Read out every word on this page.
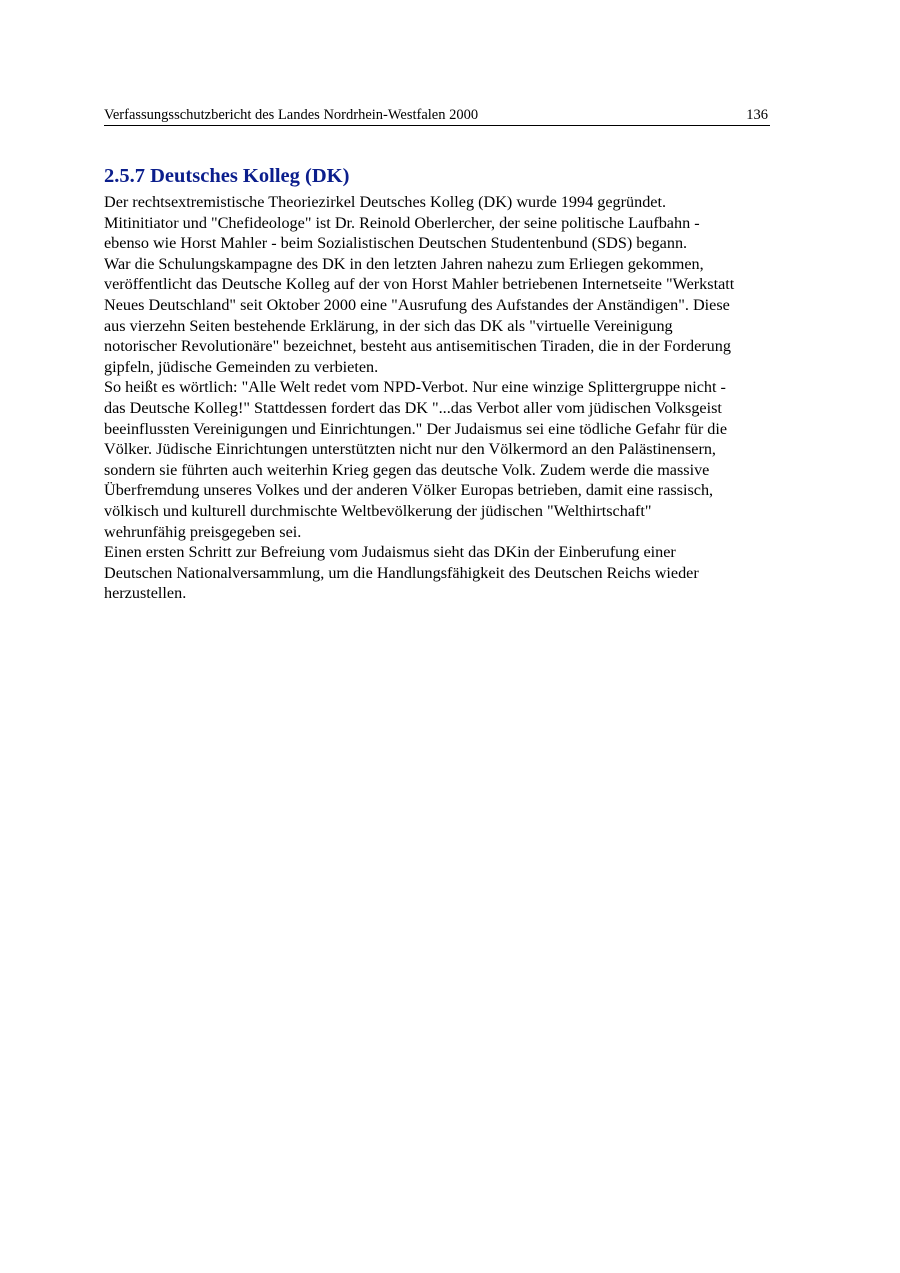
Verfassungsschutzbericht des Landes Nordrhein-Westfalen 2000	136
2.5.7 Deutsches Kolleg (DK)
Der rechtsextremistische Theoriezirkel Deutsches Kolleg (DK) wurde 1994 gegründet.
Mitinitiator und "Chefideologe" ist Dr. Reinold Oberlercher, der seine politische Laufbahn -
ebenso wie Horst Mahler - beim Sozialistischen Deutschen Studentenbund (SDS) begann.
War die Schulungskampagne des DK in den letzten Jahren nahezu zum Erliegen gekommen,
veröffentlicht das Deutsche Kolleg auf der von Horst Mahler betriebenen Internetseite "Werkstatt
Neues Deutschland" seit Oktober 2000 eine "Ausrufung des Aufstandes der Anständigen". Diese
aus vierzehn Seiten bestehende Erklärung, in der sich das DK als "virtuelle Vereinigung
notorischer Revolutionäre" bezeichnet, besteht aus antisemitischen Tiraden, die in der Forderung
gipfeln, jüdische Gemeinden zu verbieten.
So heißt es wörtlich: "Alle Welt redet vom NPD-Verbot. Nur eine winzige Splittergruppe nicht -
das Deutsche Kolleg!" Stattdessen fordert das DK "...das Verbot aller vom jüdischen Volksgeist
beeinflussten Vereinigungen und Einrichtungen." Der Judaismus sei eine tödliche Gefahr für die
Völker. Jüdische Einrichtungen unterstützten nicht nur den Völkermord an den Palästinensern,
sondern sie führten auch weiterhin Krieg gegen das deutsche Volk. Zudem werde die massive
Überfremdung unseres Volkes und der anderen Völker Europas betrieben, damit eine rassisch,
völkisch und kulturell durchmischte Weltbevölkerung der jüdischen "Welthirtschaft"
wehrunfähig preisgegeben sei.
Einen ersten Schritt zur Befreiung vom Judaismus sieht das DKin der Einberufung einer
Deutschen Nationalversammlung, um die Handlungsfähigkeit des Deutschen Reichs wieder
herzustellen.
